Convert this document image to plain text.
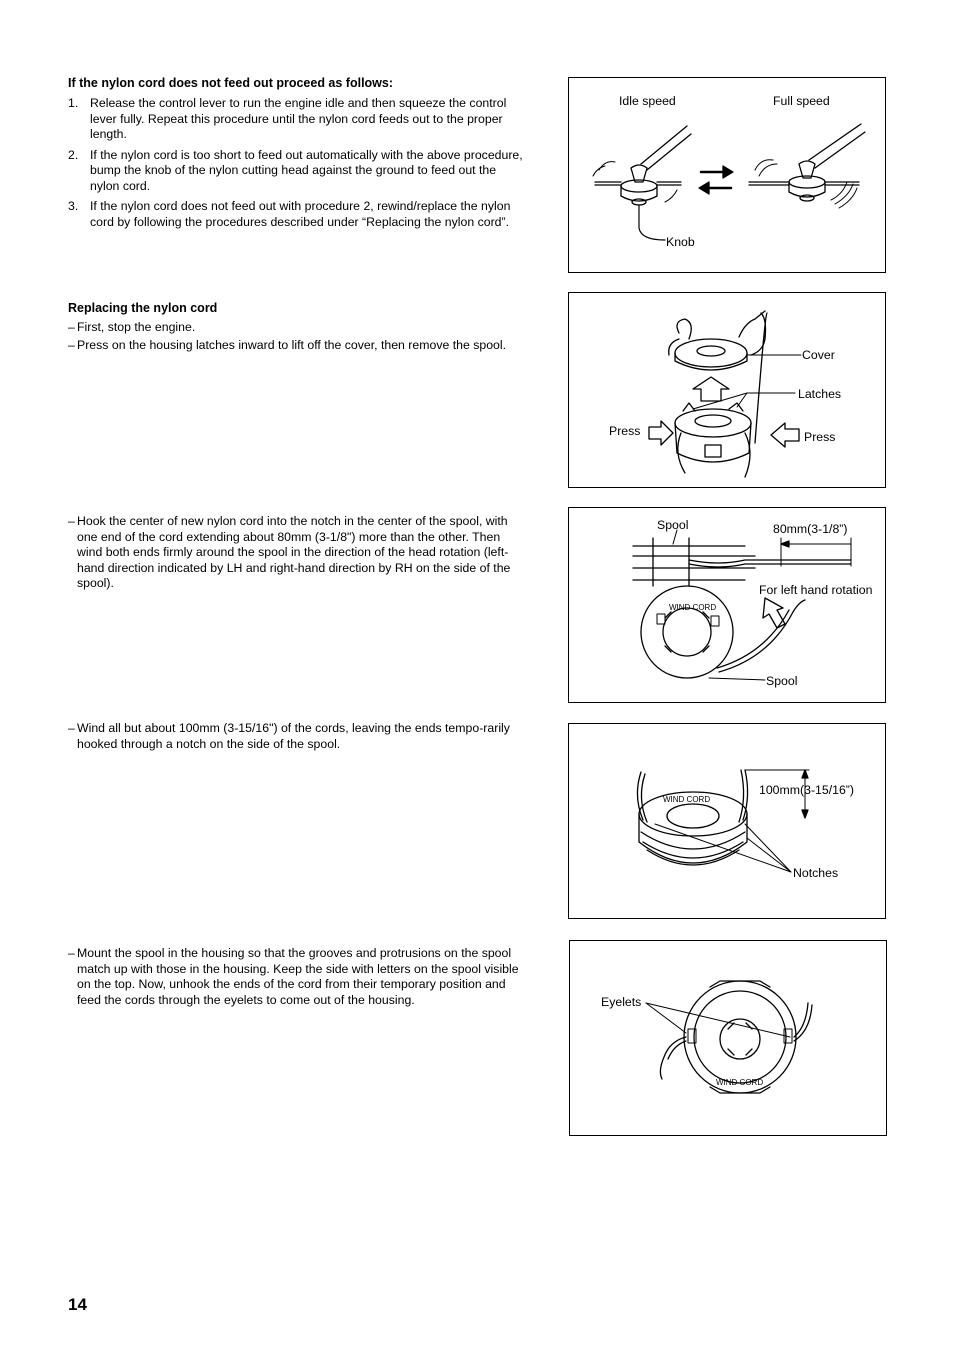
If the nylon cord does not feed out proceed as follows:
1. Release the control lever to run the engine idle and then squeeze the control lever fully. Repeat this procedure until the nylon cord feeds out to the proper length.
2. If the nylon cord is too short to feed out automatically with the above procedure, bump the knob of the nylon cutting head against the ground to feed out the nylon cord.
3. If the nylon cord does not feed out with procedure 2, rewind/replace the nylon cord by following the procedures described under “Replacing the nylon cord”.
Replacing the nylon cord
– First, stop the engine.
– Press on the housing latches inward to lift off the cover, then remove the spool.
– Hook the center of new nylon cord into the notch in the center of the spool, with one end of the cord extending about 80mm (3-1/8") more than the other. Then wind both ends firmly around the spool in the direction of the head rotation (left-hand direction indicated by LH and right-hand direction by RH on the side of the spool).
– Wind all but about 100mm (3-15/16") of the cords, leaving the ends tempo-rarily hooked through a notch on the side of the spool.
– Mount the spool in the housing so that the grooves and protrusions on the spool match up with those in the housing. Keep the side with letters on the spool visible on the top. Now, unhook the ends of the cord from their temporary position and feed the cords through the eyelets to come out of the housing.
Idle speed	Full speed
Knob
Cover
Latches
Press	Press
Spool	80mm(3-1/8”)
For left hand rotation
Spool
WIND CORD
100mm(3-15/16”)
Notches
WIND CORD
Eyelets
WIND CORD
14
